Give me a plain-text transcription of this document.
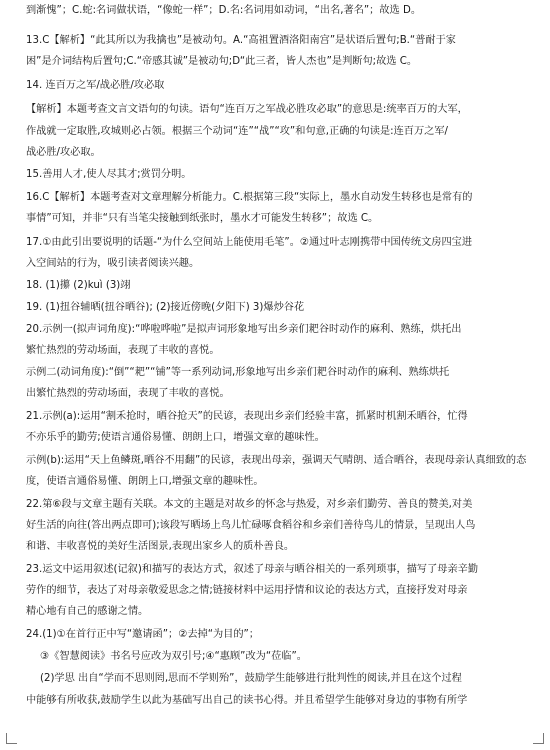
到渐愧”；C.蛇:名词做状语，“像蛇一样”；D.名:名词用如动词，“出名,著名”；故选 D。
13.C【解析】“此其所以为我擒也”是被动句。A.“高祖置酒洛阳南宫”是状语后置句;B.“普耐于家
困”是介词结构后置句;C.“帝感其诚”是被动句;D“此三者，皆人杰也”是判断句;故选 C。
14. 连百万之军/战必胜/攻必取
【解析】本题考查文言文语句的句读。语句“连百万之军战必胜攻必取”的意思是:统率百万的大军，
作战就一定取胜,攻城则必占领。根据三个动词“连”“战”“攻”和句意,正确的句读是:连百万之军/
战必胜/攻必取。
15.善用人才,使人尽其才;赏罚分明。
16.C【解析】本题考查对文章理解分析能力。C.根据第三段“实际上，墨水自动发生转移也是常有的
事情”可知，并非“只有当笔尖接触到纸张时，墨水才可能发生转移”；故选 C。
17.①由此引出要说明的话题-“为什么空间站上能使用毛笔”。②通过叶志刚携带中国传统文房四宝进
入空间站的行为，吸引读者阅读兴趣。
18. (1)攥 (2)kuì (3)翊
19. (1)扭谷辅晒(扭谷晒谷); (2)接近傍晚(夕阳下) 3)爆炒谷花
20.示例一(拟声词角度):“哗啦哗啦”是拟声词形象地写出乡亲们耙谷时动作的麻利、熟练，烘托出
繁忙热烈的劳动场面，表现了丰收的喜悦。
示例二(动词角度):“倒”“耙”“铺”等一系列动词,形象地写出乡亲们耙谷时动作的麻利、熟练烘托
出繁忙热烈的劳动场面，表现了丰收的喜悦。
21.示例(a):运用“割禾抢时，晒谷抢天”的民谚，表现出乡亲们经验丰富，抓紧时机割禾晒谷，忙得
不亦乐乎的勤劳;使语言通俗易懂、朗朗上口，增强文章的趣味性。
示例(b):运用“天上鱼鳞斑,晒谷不用翻”的民谚，表现出母亲，强调天气晴朗、适合晒谷，表现母亲认真细致的态
度，使语言通俗易懂、朗朗上口,增强文章的趣味性。
22.第⑥段与文章主题有关联。本文的主题是对故乡的怀念与热爱，对乡亲们勤劳、善良的赞美,对美
好生活的向往(答出两点即可);该段写晒场上鸟儿忙碌啄食稻谷和乡亲们善待鸟儿的情景，呈现出人鸟
和谐、丰收喜悦的美好生活图景,表现出家乡人的质朴善良。
23.运文中运用叙述(记叙)和描写的表达方式，叙述了母亲与晒谷相关的一系列琐事，描写了母亲辛勤
劳作的细节，表达了对母亲敬爱思念之情;链接材料中运用抒情和议论的表达方式，直接抒发对母亲
精心地有自己的感谢之情。
24.(1)①在首行正中写“邀请函”；②去掉“为目的”；
③《智慧阅读》书名号应改为双引号;④“惠顾”改为“莅临”。
(2)学思 出自“学而不思则罔,思而不学则殆”，鼓励学生能够进行批判性的阅读,并且在这个过程
中能够有所收获,鼓励学生以此为基础写出自己的读书心得。并且希望学生能够对身边的事物有所学
